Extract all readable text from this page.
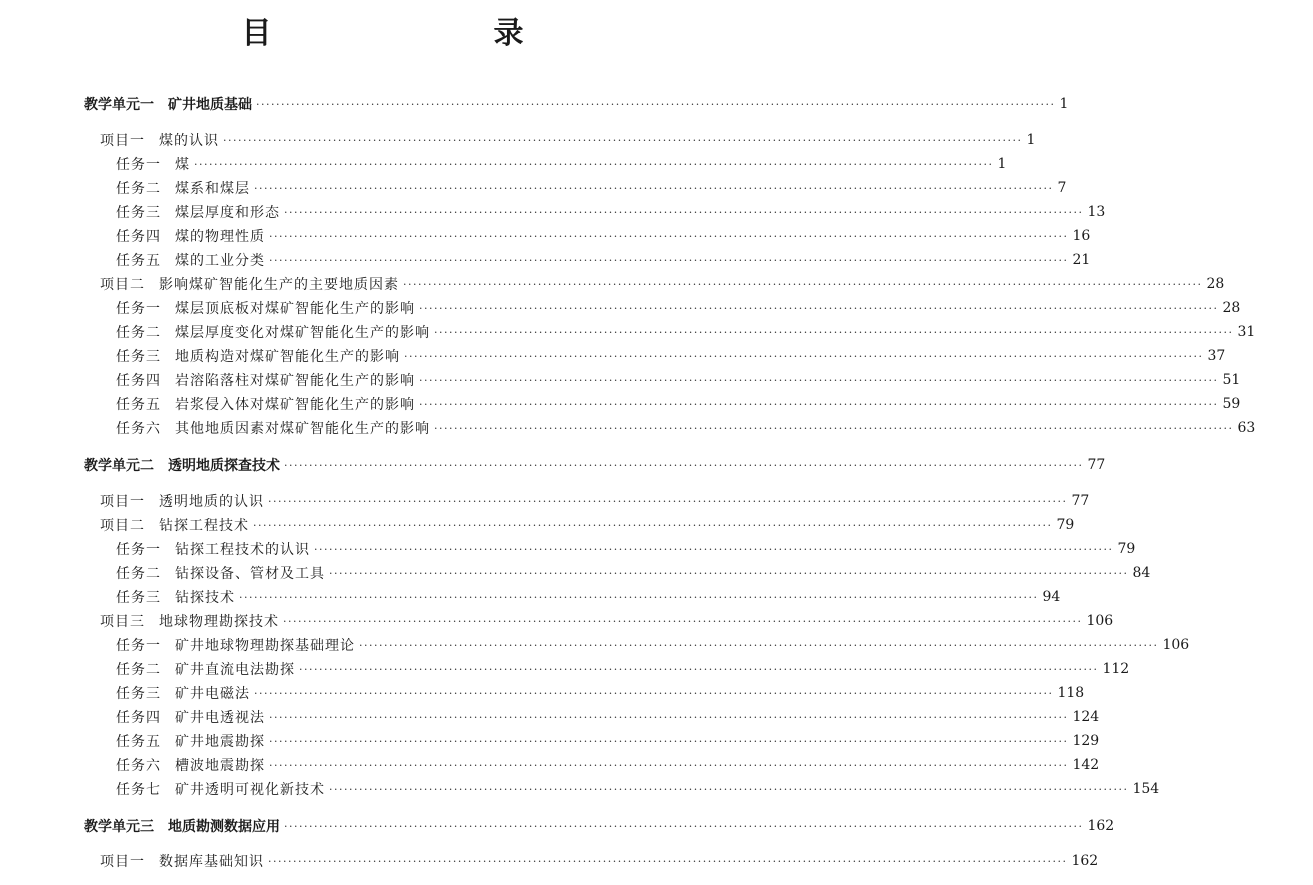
目　录
教学单元一 矿井地质基础 ································································································································································ 1
项目一 煤的认识 ································································································································································ 1
任务一 煤 ································································································································································ 1
任务二 煤系和煤层 ································································································································································ 7
任务三 煤层厚度和形态 ································································································································································ 13
任务四 煤的物理性质 ································································································································································ 16
任务五 煤的工业分类 ································································································································································ 21
项目二 影响煤矿智能化生产的主要地质因素 ································································································································································ 28
任务一 煤层顶底板对煤矿智能化生产的影响 ································································································································································ 28
任务二 煤层厚度变化对煤矿智能化生产的影响 ································································································································································ 31
任务三 地质构造对煤矿智能化生产的影响 ································································································································································ 37
任务四 岩溶陷落柱对煤矿智能化生产的影响 ································································································································································ 51
任务五 岩浆侵入体对煤矿智能化生产的影响 ································································································································································ 59
任务六 其他地质因素对煤矿智能化生产的影响 ································································································································································ 63
教学单元二 透明地质探查技术 ································································································································································ 77
项目一 透明地质的认识 ································································································································································ 77
项目二 钻探工程技术 ································································································································································ 79
任务一 钻探工程技术的认识 ································································································································································ 79
任务二 钻探设备、管材及工具 ································································································································································ 84
任务三 钻探技术 ································································································································································ 94
项目三 地球物理勘探技术 ································································································································································ 106
任务一 矿井地球物理勘探基础理论 ································································································································································ 106
任务二 矿井直流电法勘探 ································································································································································ 112
任务三 矿井电磁法 ································································································································································ 118
任务四 矿井电透视法 ································································································································································ 124
任务五 矿井地震勘探 ································································································································································ 129
任务六 槽波地震勘探 ································································································································································ 142
任务七 矿井透明可视化新技术 ································································································································································ 154
教学单元三 地质勘测数据应用 ································································································································································ 162
项目一 数据库基础知识 ································································································································································ 162
